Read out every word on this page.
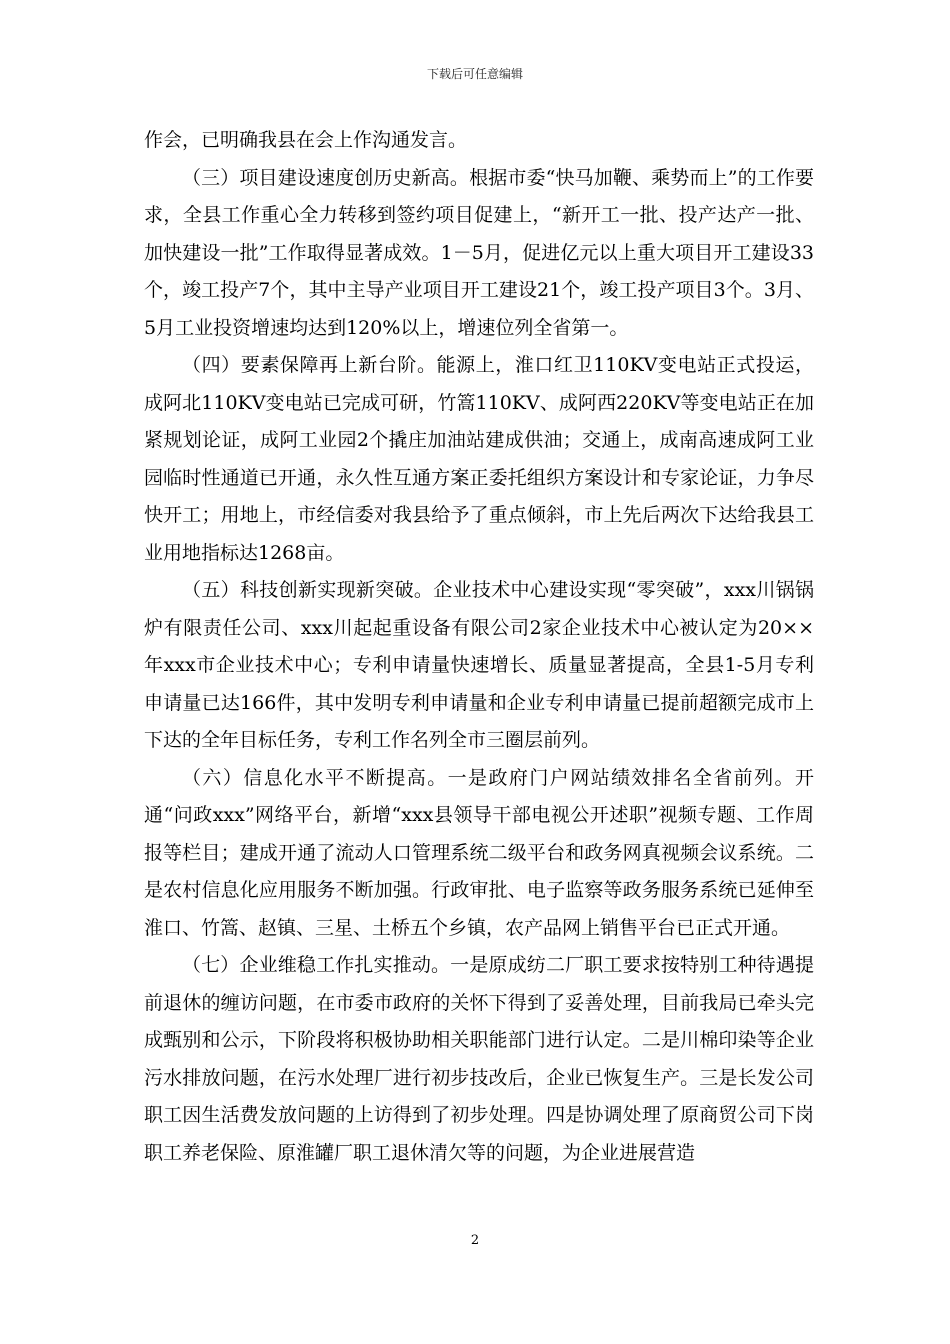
下载后可任意编辑

作会，已明确我县在会上作沟通发言。

（三）项目建设速度创历史新高。根据市委“快马加鞭、乘势而上”的工作要求，全县工作重心全力转移到签约项目促建上，“新开工一批、投产达产一批、加快建设一批”工作取得显著成效。1－5月，促进亿元以上重大项目开工建设33个，竣工投产7个，其中主导产业项目开工建设21个，竣工投产项目3个。3月、5月工业投资增速均达到120%以上，增速位列全省第一。

（四）要素保障再上新台阶。能源上，淮口红卫110KV变电站正式投运，成阿北110KV变电站已完成可研，竹篙110KV、成阿西220KV等变电站正在加紧规划论证，成阿工业园2个撬庄加油站建成供油；交通上，成南高速成阿工业园临时性通道已开通，永久性互通方案正委托组织方案设计和专家论证，力争尽快开工；用地上，市经信委对我县给予了重点倾斜，市上先后两次下达给我县工业用地指标达1268亩。

（五）科技创新实现新突破。企业技术中心建设实现“零突破”，xxx川锅锅炉有限责任公司、xxx川起起重设备有限公司2家企业技术中心被认定为20××年xxx市企业技术中心；专利申请量快速增长、质量显著提高，全县1-5月专利申请量已达166件，其中发明专利申请量和企业专利申请量已提前超额完成市上下达的全年目标任务，专利工作名列全市三圈层前列。

（六）信息化水平不断提高。一是政府门户网站绩效排名全省前列。开通“问政xxx”网络平台，新增“xxx县领导干部电视公开述职”视频专题、工作周报等栏目；建成开通了流动人口管理系统二级平台和政务网真视频会议系统。二是农村信息化应用服务不断加强。行政审批、电子监察等政务服务系统已延伸至淮口、竹篙、赵镇、三星、土桥五个乡镇，农产品网上销售平台已正式开通。

（七）企业维稳工作扎实推动。一是原成纺二厂职工要求按特别工种待遇提前退休的缠访问题，在市委市政府的关怀下得到了妥善处理，目前我局已牵头完成甄别和公示，下阶段将积极协助相关职能部门进行认定。二是川棉印染等企业污水排放问题，在污水处理厂进行初步技改后，企业已恢复生产。三是长发公司职工因生活费发放问题的上访得到了初步处理。四是协调处理了原商贸公司下岗职工养老保险、原淮罐厂职工退休清欠等的问题，为企业进展营造

2
